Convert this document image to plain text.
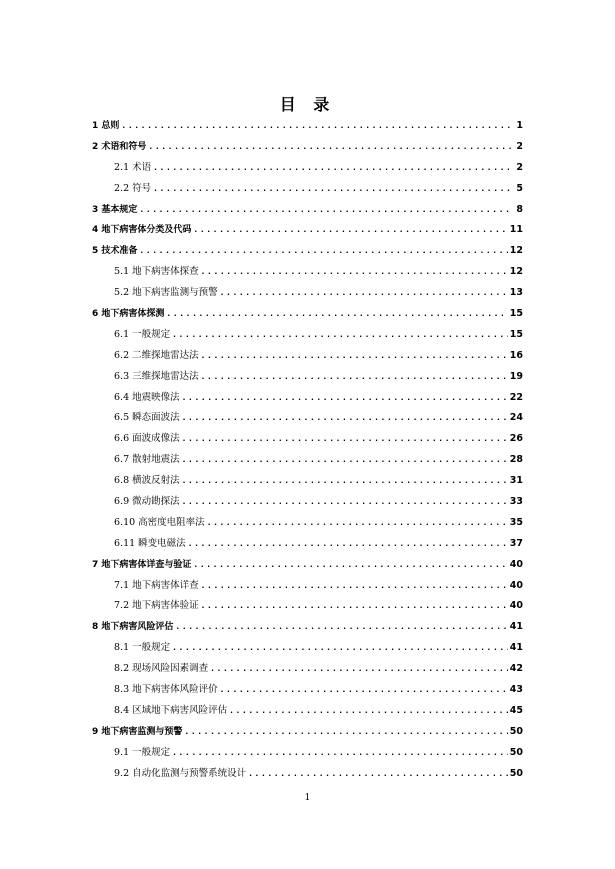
目 录
1 总则 .....	1
2 术语和符号 .....	2
2.1 术语 .....	2
2.2 符号 .....	5
3 基本规定 .....	8
4 地下病害体分类及代码 .....	11
5 技术准备 .....	12
5.1 地下病害体探查 .....	12
5.2 地下病害监测与预警 .....	13
6 地下病害体探测 .....	15
6.1 一般规定 .....	15
6.2 二维探地雷达法 .....	16
6.3 三维探地雷达法 .....	19
6.4 地震映像法 .....	22
6.5 瞬态面波法 .....	24
6.6 面波成像法 .....	26
6.7 散射地震法 .....	28
6.8 横波反射法 .....	31
6.9 微动勘探法 .....	33
6.10 高密度电阻率法 .....	35
6.11 瞬变电磁法 .....	37
7 地下病害体详查与验证 .....	40
7.1 地下病害体详查 .....	40
7.2 地下病害体验证 .....	40
8 地下病害风险评估 .....	41
8.1 一般规定 .....	41
8.2 现场风险因素调查 .....	42
8.3 地下病害体风险评价 .....	43
8.4 区域地下病害风险评估 .....	45
9 地下病害监测与预警 .....	50
9.1 一般规定 .....	50
9.2 自动化监测与预警系统设计 .....	50
1
